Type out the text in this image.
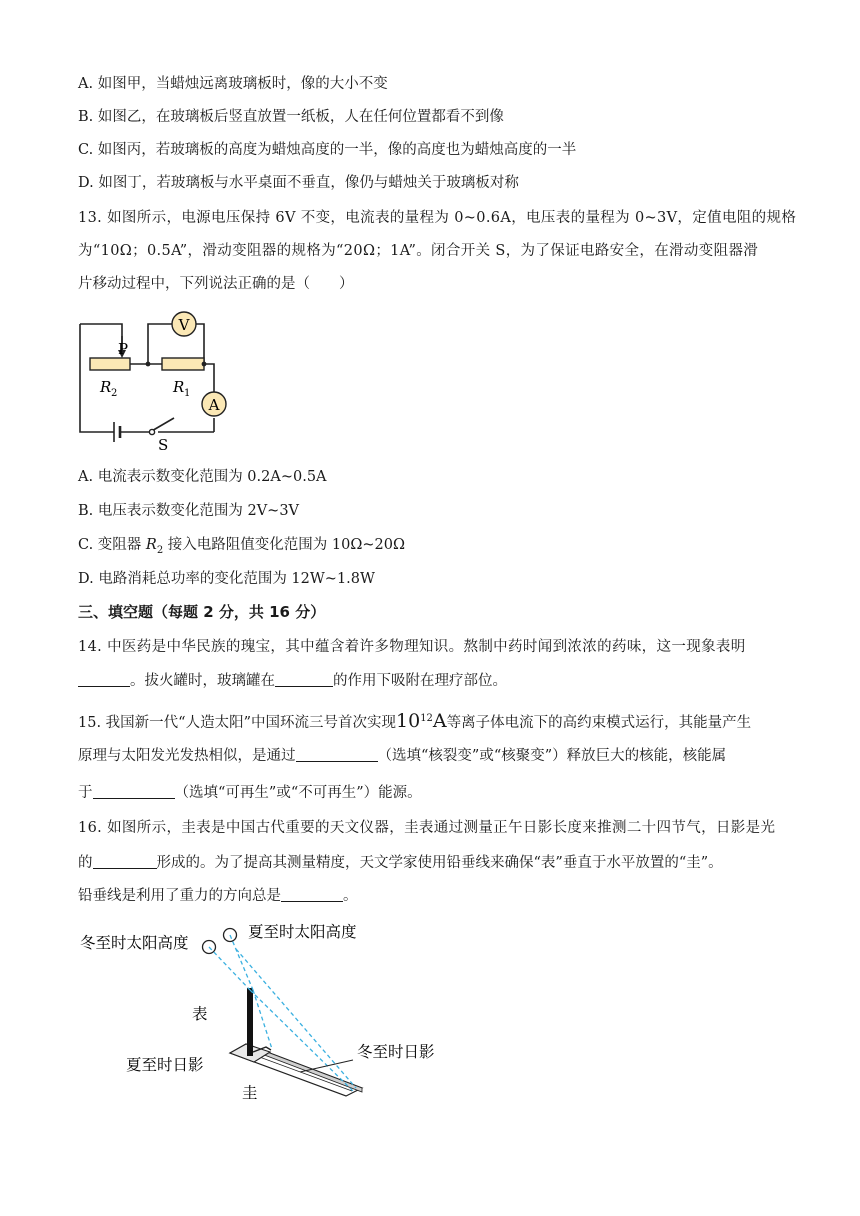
A. 如图甲，当蜡烛远离玻璃板时，像的大小不变
B. 如图乙，在玻璃板后竖直放置一纸板，人在任何位置都看不到像
C. 如图丙，若玻璃板的高度为蜡烛高度的一半，像的高度也为蜡烛高度的一半
D. 如图丁，若玻璃板与水平桌面不垂直，像仍与蜡烛关于玻璃板对称
13. 如图所示，电源电压保持 6V 不变，电流表的量程为 0~0.6A，电压表的量程为 0~3V，定值电阻的规格
为“10Ω；0.5A”，滑动变阻器的规格为“20Ω；1A”。闭合开关 S，为了保证电路安全，在滑动变阻器滑
片移动过程中，下列说法正确的是（　　）
V
A
P
R 2	R 1
S
A. 电流表示数变化范围为 0.2A~0.5A
B. 电压表示数变化范围为 2V~3V
C. 变阻器 $R_2$ 接入电路阻值变化范围为 10Ω~20Ω
D. 电路消耗总功率的变化范围为 12W~1.8W
三、填空题（每题 2 分，共 16 分）
14. 中医药是中华民族的瑰宝，其中蕴含着许多物理知识。熬制中药时闻到浓浓的药味，这一现象表明
。拔火罐时，玻璃罐在	的作用下吸附在理疗部位。
15. 我国新一代“人造太阳”中国环流三号首次实现$10^{12}A$等离子体电流下的高约束模式运行，其能量产生
原理与太阳发光发热相似，是通过	（选填“核裂变”或“核聚变”）释放巨大的核能，核能属
于	（选填“可再生”或“不可再生”）能源。
16. 如图所示，圭表是中国古代重要的天文仪器，圭表通过测量正午日影长度来推测二十四节气，日影是光
的	形成的。为了提高其测量精度，天文学家使用铅垂线来确保“表”垂直于水平放置的“圭”。
铅垂线是利用了重力的方向总是	。
冬至时太阳高度
夏至时太阳高度
表
夏至时日影
冬至时日影
圭
